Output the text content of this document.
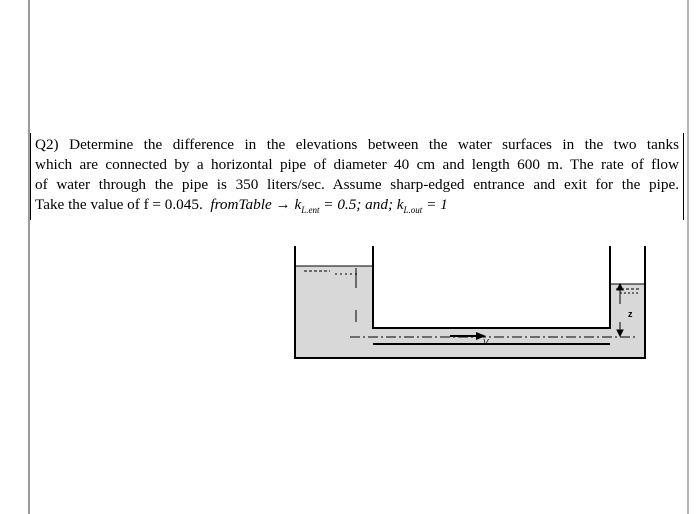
Q2) Determine the difference in the elevations between the water surfaces in the two tanks
which are connected by a horizontal pipe of diameter 40 cm and length 600 m. The rate of flow
of water through the pipe is 350 liters/sec. Assume sharp-edged entrance and exit for the pipe.
Take the value of f = 0.045. fromTable → $k_{L.ent} = 0.5$; and; $k_{L.out} = 1$
V
z
